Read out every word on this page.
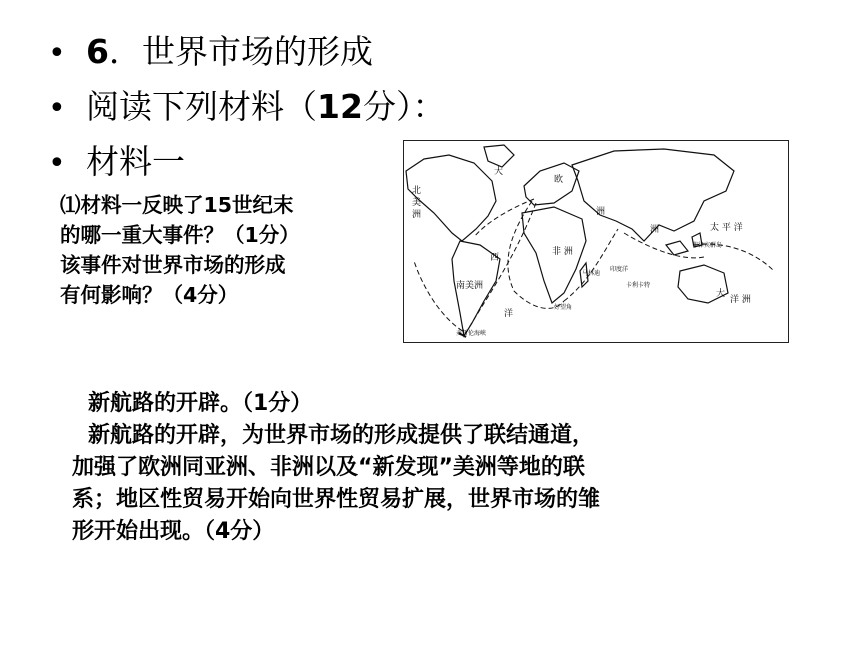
• 6．世界市场的形成
• 阅读下列材料（12分）：
• 材料一
⑴材料一反映了15世纪末
的哪一重大事件？（1分）
该事件对世界市场的形成
有何影响？（4分）
北美洲
大
西
洋
欧
洲
洲
非 洲
南美洲
太 平 洋
菲律宾群岛
大
洋 洲
印度洋
好望角
麦哲伦海峡
卡利卡特
马林迪
新航路的开辟。（1分）
新航路的开辟，为世界市场的形成提供了联结通道，
加强了欧洲同亚洲、非洲以及“新发现”美洲等地的联
系；地区性贸易开始向世界性贸易扩展，世界市场的雏
形开始出现。（4分）
